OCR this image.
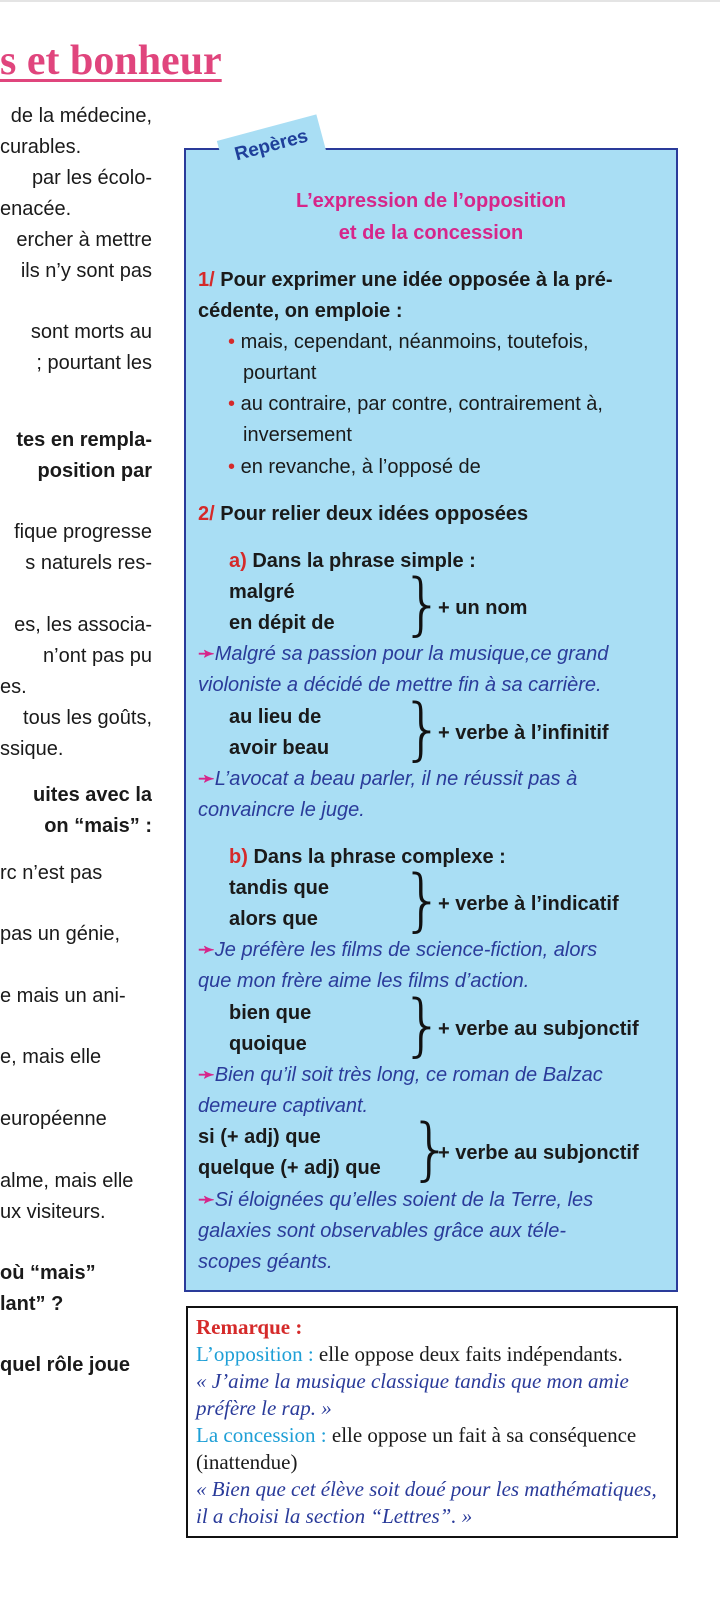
s et bonheur
de la médecine,
curables.
par les écolo-
enacée.
ercher à mettre
ils n’y sont pas
sont morts au
; pourtant les
tes en rempla-
position par
fique progresse
s naturels res-
es, les associa-
n’ont pas pu
es.
tous les goûts,
ssique.
uites avec la
on “mais” :
rc n’est pas
pas un génie,
e mais un ani-
e, mais elle
européenne
alme, mais elle
ux visiteurs.
où “mais”
lant” ?
quel rôle joue
Repères
L’expression de l’opposition
et de la concession
1/ Pour exprimer une idée opposée à la pré-
cédente, on emploie :
• mais, cependant, néanmoins, toutefois,
pourtant
• au contraire, par contre, contrairement à,
inversement
• en revanche, à l’opposé de
2/ Pour relier deux idées opposées
a) Dans la phrase simple :
malgré
en dépit de }
+ un nom
➛Malgré sa passion pour la musique,ce grand
violoniste a décidé de mettre fin à sa carrière.
au lieu de
avoir beau }
+ verbe à l’infinitif
➛L’avocat a beau parler, il ne réussit pas à
convaincre le juge.
b) Dans la phrase complexe :
tandis que
alors que }
+ verbe à l’indicatif
➛Je préfère les films de science-fiction, alors
que mon frère aime les films d’action.
bien que
quoique }
+ verbe au subjonctif
➛Bien qu’il soit très long, ce roman de Balzac
demeure captivant.
si (+ adj) que
quelque (+ adj) que }
+ verbe au subjonctif
➛Si éloignées qu’elles soient de la Terre, les
galaxies sont observables grâce aux téle-
scopes géants.
Remarque :
L’opposition : elle oppose deux faits indépendants.
« J’aime la musique classique tandis que mon amie
préfère le rap. »
La concession : elle oppose un fait à sa conséquence
(inattendue)
« Bien que cet élève soit doué pour les mathématiques,
il a choisi la section “Lettres”. »
